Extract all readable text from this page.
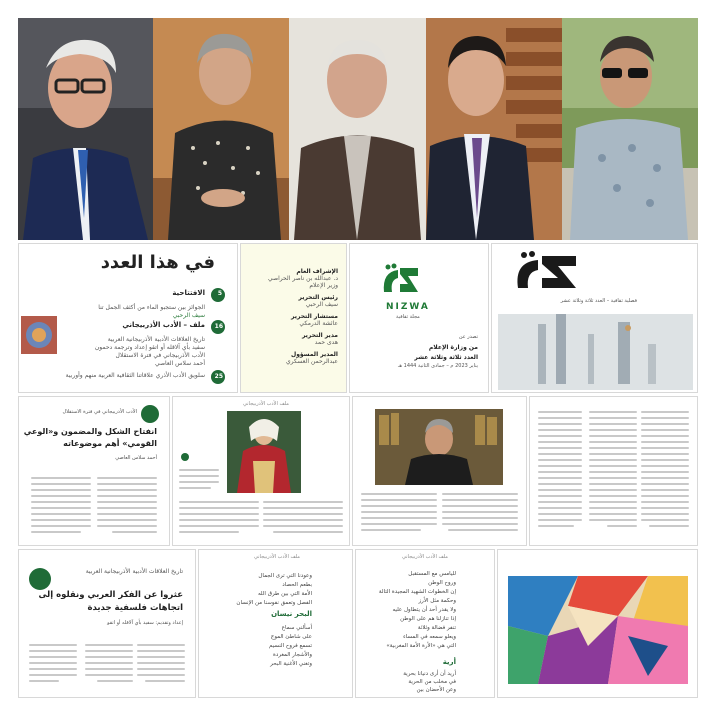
في هذا العدد
5
الافتتاحية
الجوائز بين ستجبو الماء من أكثف الجمل تنا
سيف الرحبي
16
ملف – الأدب الأذربيجاني
تاريخ العلاقات الأدبية الأذربيجانية العربية
سفيد بأي آلاقله أو اتقو إعداد وترجمة دحمون
الأدب الأذربيجاني في فترة الاستقلال
أحمد سلاس العاصي
25
سلويق الأدب الأذري علاقاتنا الثقافية العربية منهم وأوربية
الإشراف العام
د. عبدالله بن ناصر الحراصي
وزير الإعلام
رئيس التحرير
سيف الرحبي
مستشار التحرير
عائشة الدرمكي
مدير التحرير
هدى حمد
المدير المسؤول
عبدالرحمن العسكري
NIZWA
مجلة ثقافية
تصدر عن
من وزارة الإعلام
العدد ثلاثة وثلاثة عشر
يناير 2023 م – جمادى الثانية 1444 هـ
فصلية ثقافية – العدد ثلاثة وثلاثة عشر
الأدب الأذربيجاني في فترة الاستقلال
انفتاح الشكل والمضمون و«الوعي
القومي» أهم موضوعاته
أحمد سلاس العاصي
ملف الأدب الأذربيجاني
تاريخ العلاقات الأدبية الأذربيجانية العربية
عثروا عن الفكر العربي ونقلوه إلى
اتجاهات فلسفية جديدة
إعداد وتقديم: سفيد بأي آلاقله أو اتقو
ملف الأدب الأذربيجاني
وعودنا التي ترى الجمال
بطعم الحصاد
الأمة التي بين طرق الله
الفصل وتعمق نفوسنا من الإنسان
البحر نيسان
أسألني سماع
على شاطئ الموج
تسمع فروح النسيم
والأشجار المغردة
وتغني الأغنية البحر
ملف الأدب الأذربيجاني
لليامس مع المستقبل
وروح الوطن
إن الخطوات الشهيد المجيدة التالة
وحكمة مثل الأرز
ولا يقدر أحد أن يتطاول عليه
إذا تنازلنا هم على الوطن
تنفر فضالة وثلاثة
ويعلو سمعه في المساء
التي هي «الأرة الأمة المغربية»
أرية
أريد أن أرى دنيانا بحرية
في مخلب من الحرية
وعن الأحضان بين
